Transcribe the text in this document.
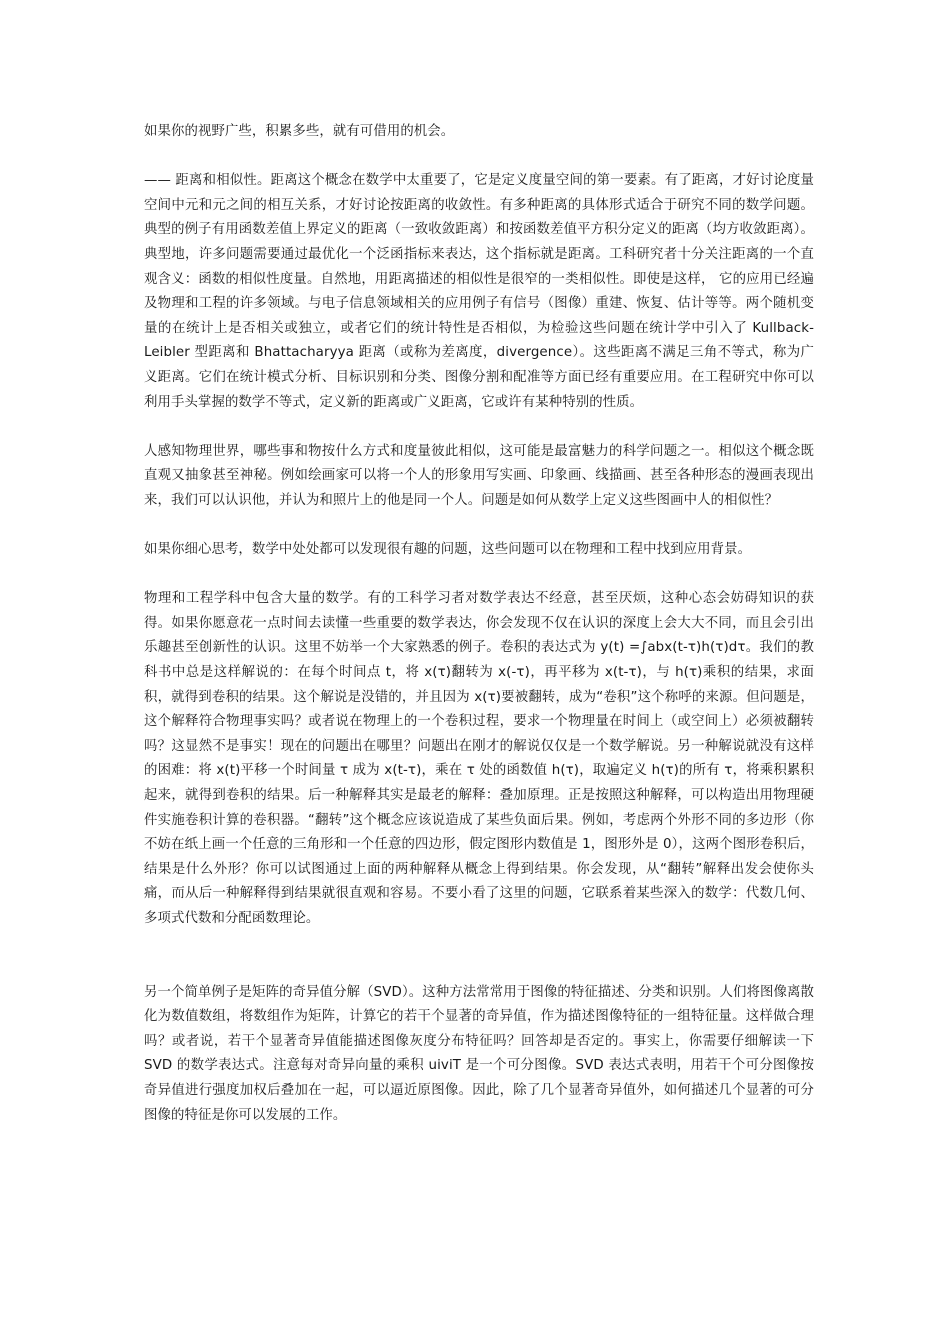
如果你的视野广些，积累多些，就有可借用的机会。

—— 距离和相似性。距离这个概念在数学中太重要了，它是定义度量空间的第一要素。有了距离，才好讨论度量空间中元和元之间的相互关系，才好讨论按距离的收敛性。有多种距离的具体形式适合于研究不同的数学问题。典型的例子有用函数差值上界定义的距离（一致收敛距离）和按函数差值平方积分定义的距离（均方收敛距离）。典型地，许多问题需要通过最优化一个泛函指标来表达，这个指标就是距离。工科研究者十分关注距离的一个直观含义：函数的相似性度量。自然地，用距离描述的相似性是很窄的一类相似性。即使是这样， 它的应用已经遍及物理和工程的许多领域。与电子信息领域相关的应用例子有信号（图像）重建、恢复、估计等等。两个随机变量的在统计上是否相关或独立，或者它们的统计特性是否相似，为检验这些问题在统计学中引入了 Kullback-Leibler 型距离和 Bhattacharyya 距离（或称为差离度，divergence）。这些距离不满足三角不等式，称为广义距离。它们在统计模式分析、目标识别和分类、图像分割和配准等方面已经有重要应用。在工程研究中你可以利用手头掌握的数学不等式，定义新的距离或广义距离，它或许有某种特别的性质。

人感知物理世界，哪些事和物按什么方式和度量彼此相似，这可能是最富魅力的科学问题之一。相似这个概念既直观又抽象甚至神秘。例如绘画家可以将一个人的形象用写实画、印象画、线描画、甚至各种形态的漫画表现出来，我们可以认识他，并认为和照片上的他是同一个人。问题是如何从数学上定义这些图画中人的相似性？

如果你细心思考，数学中处处都可以发现很有趣的问题，这些问题可以在物理和工程中找到应用背景。

物理和工程学科中包含大量的数学。有的工科学习者对数学表达不经意，甚至厌烦，这种心态会妨碍知识的获得。如果你愿意花一点时间去读懂一些重要的数学表达，你会发现不仅在认识的深度上会大大不同，而且会引出乐趣甚至创新性的认识。这里不妨举一个大家熟悉的例子。卷积的表达式为 y(t) =∫abx(t-τ)h(τ)dτ。我们的教科书中总是这样解说的：在每个时间点 t，将 x(τ)翻转为 x(-τ)，再平移为 x(t-τ)，与 h(τ)乘积的结果，求面积，就得到卷积的结果。这个解说是没错的，并且因为 x(τ)要被翻转，成为“卷积”这个称呼的来源。但问题是，这个解释符合物理事实吗？或者说在物理上的一个卷积过程，要求一个物理量在时间上（或空间上）必须被翻转吗？这显然不是事实！现在的问题出在哪里？问题出在刚才的解说仅仅是一个数学解说。另一种解说就没有这样的困难：将 x(t)平移一个时间量 τ 成为 x(t-τ)，乘在 τ 处的函数值 h(τ)，取遍定义 h(τ)的所有 τ，将乘积累积起来，就得到卷积的结果。后一种解释其实是最老的解释：叠加原理。正是按照这种解释，可以构造出用物理硬件实施卷积计算的卷积器。“翻转”这个概念应该说造成了某些负面后果。例如，考虑两个外形不同的多边形（你不妨在纸上画一个任意的三角形和一个任意的四边形，假定图形内数值是 1，图形外是 0），这两个图形卷积后，结果是什么外形？你可以试图通过上面的两种解释从概念上得到结果。你会发现，从“翻转”解释出发会使你头痛，而从后一种解释得到结果就很直观和容易。不要小看了这里的问题，它联系着某些深入的数学：代数几何、多项式代数和分配函数理论。

另一个简单例子是矩阵的奇异值分解（SVD）。这种方法常常用于图像的特征描述、分类和识别。人们将图像离散化为数值数组，将数组作为矩阵，计算它的若干个显著的奇异值，作为描述图像特征的一组特征量。这样做合理吗？或者说，若干个显著奇异值能描述图像灰度分布特征吗？回答却是否定的。事实上，你需要仔细解读一下 SVD 的数学表达式。注意每对奇异向量的乘积 uiviT 是一个可分图像。SVD 表达式表明，用若干个可分图像按奇异值进行强度加权后叠加在一起，可以逼近原图像。因此，除了几个显著奇异值外，如何描述几个显著的可分图像的特征是你可以发展的工作。
